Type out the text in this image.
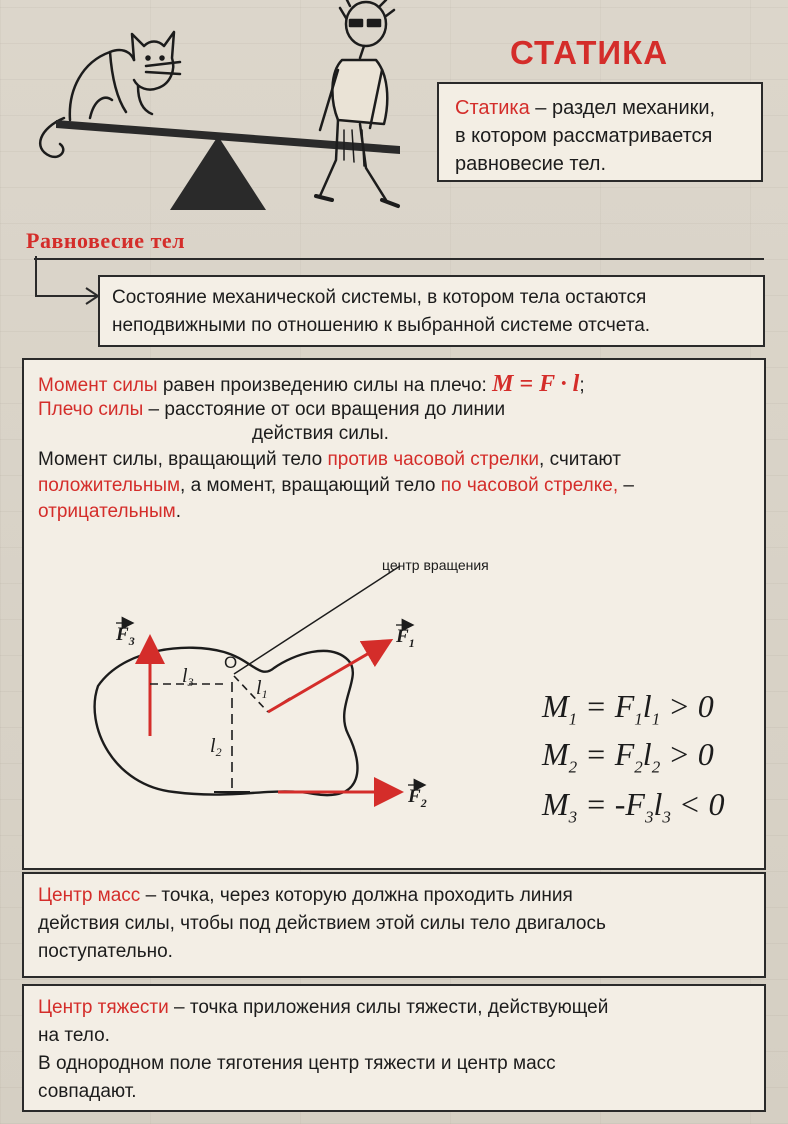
СТАТИКА
Статика – раздел механики,
в котором рассматривается
равновесие тел.
Равновесие тел
Состояние механической системы, в котором тела остаются
неподвижными по отношению к выбранной системе отсчета.
Момент силы равен произведению силы на плечо: M = F · l;
Плечо силы – расстояние от оси вращения до линии
действия силы.
Момент силы, вращающий тело против часовой стрелки, считают
положительным, а момент, вращающий тело по часовой стрелке, –
отрицательным.
центр вращения
O
$F_3$
$l_3$
$l_2$
$l_1$
$F_1$
$F_2$
$M_1 = F_1l_1 > 0$
$M_2 = F_2l_2 > 0$
$M_3 = -F_3l_3 < 0$
Центр масс – точка, через которую должна проходить линия
действия силы, чтобы под действием этой силы тело двигалось
поступательно.
Центр тяжести – точка приложения силы тяжести, действующей
на тело.
В однородном поле тяготения центр тяжести и центр масс
совпадают.
